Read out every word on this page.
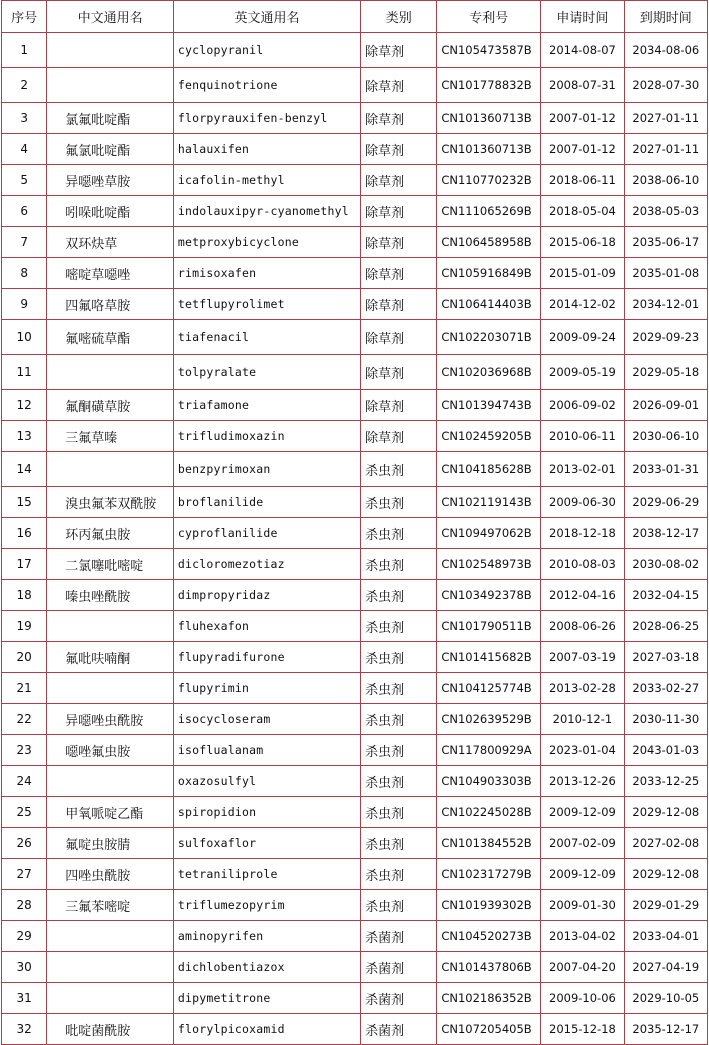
序号	中文通用名	英文通用名	类别	专利号	申请时间	到期时间
1		cyclopyranil	除草剂	CN105473587B	2014-08-07	2034-08-06
2		fenquinotrione	除草剂	CN101778832B	2008-07-31	2028-07-30
3	氯氟吡啶酯	florpyrauxifen-benzyl	除草剂	CN101360713B	2007-01-12	2027-01-11
4	氟氯吡啶酯	halauxifen	除草剂	CN101360713B	2007-01-12	2027-01-11
5	异噁唑草胺	icafolin-methyl	除草剂	CN110770232B	2018-06-11	2038-06-10
6	吲哚吡啶酯	indolauxipyr-cyanomethyl	除草剂	CN111065269B	2018-05-04	2038-05-03
7	双环炔草	metproxybicyclone	除草剂	CN106458958B	2015-06-18	2035-06-17
8	嘧啶草噁唑	rimisoxafen	除草剂	CN105916849B	2015-01-09	2035-01-08
9	四氟咯草胺	tetflupyrolimet	除草剂	CN106414403B	2014-12-02	2034-12-01
10	氟嘧硫草酯	tiafenacil	除草剂	CN102203071B	2009-09-24	2029-09-23
11		tolpyralate	除草剂	CN102036968B	2009-05-19	2029-05-18
12	氟酮磺草胺	triafamone	除草剂	CN101394743B	2006-09-02	2026-09-01
13	三氟草嗪	trifludimoxazin	除草剂	CN102459205B	2010-06-11	2030-06-10
14		benzpyrimoxan	杀虫剂	CN104185628B	2013-02-01	2033-01-31
15	溴虫氟苯双酰胺	broflanilide	杀虫剂	CN102119143B	2009-06-30	2029-06-29
16	环丙氟虫胺	cyproflanilide	杀虫剂	CN109497062B	2018-12-18	2038-12-17
17	二氯噻吡嘧啶	dicloromezotiaz	杀虫剂	CN102548973B	2010-08-03	2030-08-02
18	嗪虫唑酰胺	dimpropyridaz	杀虫剂	CN103492378B	2012-04-16	2032-04-15
19		fluhexafon	杀虫剂	CN101790511B	2008-06-26	2028-06-25
20	氟吡呋喃酮	flupyradifurone	杀虫剂	CN101415682B	2007-03-19	2027-03-18
21		flupyrimin	杀虫剂	CN104125774B	2013-02-28	2033-02-27
22	异噁唑虫酰胺	isocycloseram	杀虫剂	CN102639529B	2010-12-1	2030-11-30
23	噁唑氟虫胺	isoflualanam	杀虫剂	CN117800929A	2023-01-04	2043-01-03
24		oxazosulfyl	杀虫剂	CN104903303B	2013-12-26	2033-12-25
25	甲氧哌啶乙酯	spiropidion	杀虫剂	CN102245028B	2009-12-09	2029-12-08
26	氟啶虫胺腈	sulfoxaflor	杀虫剂	CN101384552B	2007-02-09	2027-02-08
27	四唑虫酰胺	tetraniliprole	杀虫剂	CN102317279B	2009-12-09	2029-12-08
28	三氟苯嘧啶	triflumezopyrim	杀虫剂	CN101939302B	2009-01-30	2029-01-29
29		aminopyrifen	杀菌剂	CN104520273B	2013-04-02	2033-04-01
30		dichlobentiazox	杀菌剂	CN101437806B	2007-04-20	2027-04-19
31		dipymetitrone	杀菌剂	CN102186352B	2009-10-06	2029-10-05
32	吡啶菌酰胺	florylpicoxamid	杀菌剂	CN107205405B	2015-12-18	2035-12-17
